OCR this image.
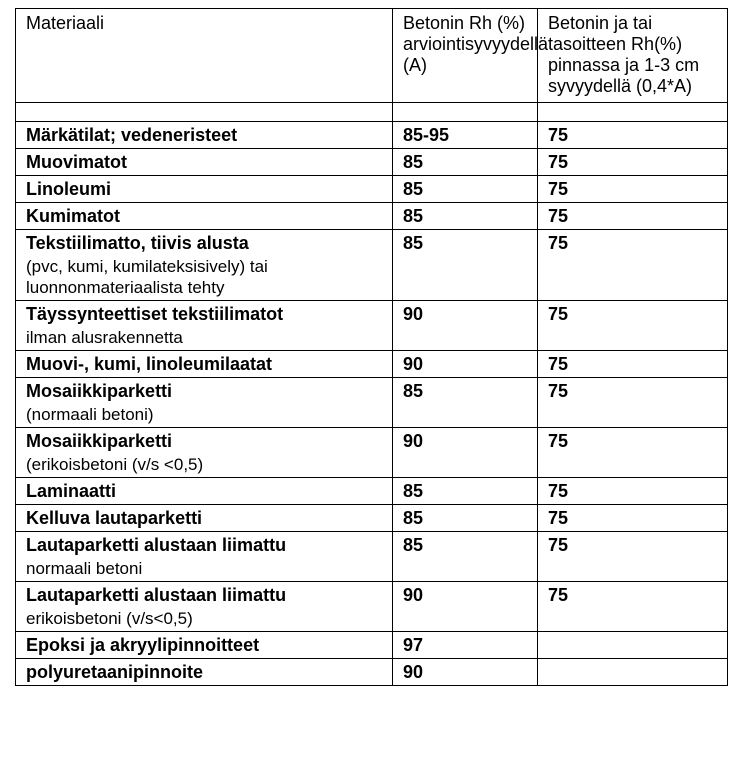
Materiaali	Betonin Rh (%) arviointisyvyydellä (A)	Betonin ja tai tasoitteen Rh(%) pinnassa ja 1-3 cm syvyydellä (0,4*A)

Märkätilat; vedeneristeet	85-95	75

Muovimatot	85	75

Linoleumi	85	75

Kumimatot	85	75

Tekstiilimatto, tiivis alusta
(pvc, kumi, kumilateksisively) tai luonnonmateriaalista tehty	85	75

Täyssynteettiset tekstiilimatot
ilman alusrakennetta	90	75

Muovi-, kumi, linoleumilaatat	90	75

Mosaiikkiparketti
(normaali betoni)	85	75

Mosaiikkiparketti
(erikoisbetoni (v/s <0,5)	90	75

Laminaatti	85	75

Kelluva lautaparketti	85	75

Lautaparketti alustaan liimattu
normaali betoni	85	75

Lautaparketti alustaan liimattu
erikoisbetoni (v/s<0,5)	90	75

Epoksi ja akryylipinnoitteet	97	

polyuretaanipinnoite	90	
